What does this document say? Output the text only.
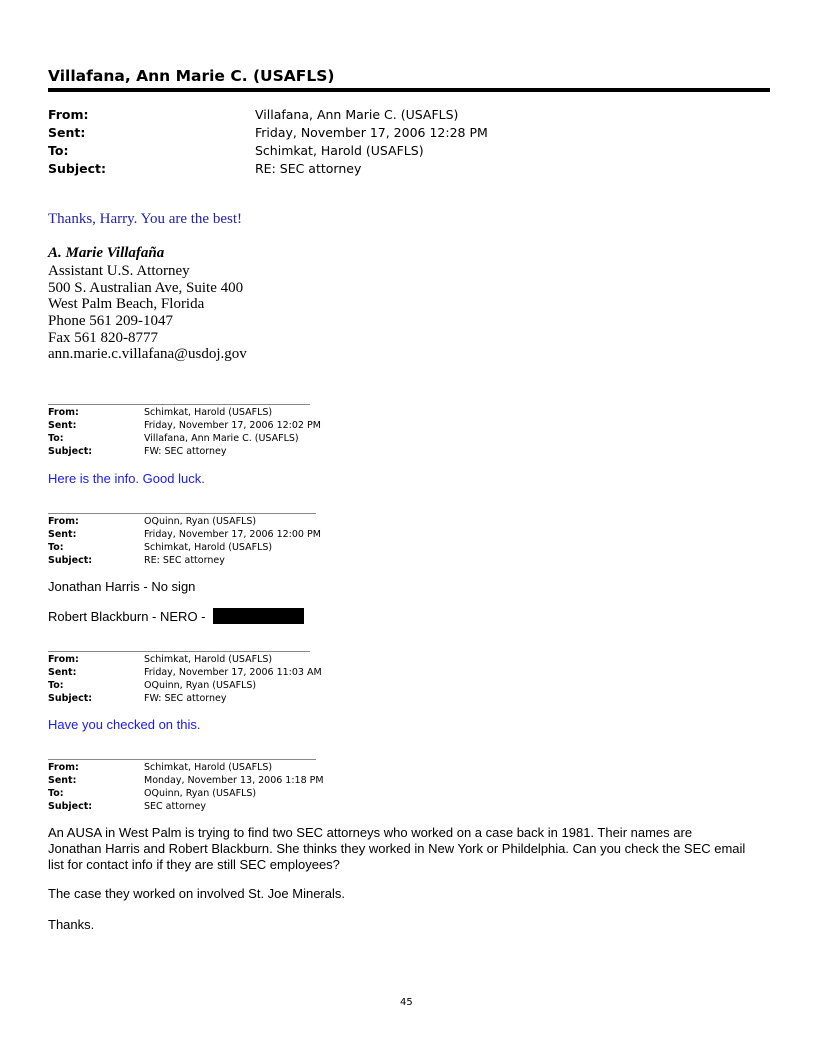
Villafana, Ann Marie C. (USAFLS)
From:	Villafana, Ann Marie C. (USAFLS)
Sent:	Friday, November 17, 2006 12:28 PM
To:	Schimkat, Harold (USAFLS)
Subject:	RE: SEC attorney
Thanks, Harry. You are the best!
A. Marie Villafaña
Assistant U.S. Attorney
500 S. Australian Ave, Suite 400
West Palm Beach, Florida
Phone 561 209-1047
Fax 561 820-8777
ann.marie.c.villafana@usdoj.gov
From:	Schimkat, Harold (USAFLS)
Sent:	Friday, November 17, 2006 12:02 PM
To:	Villafana, Ann Marie C. (USAFLS)
Subject:	FW: SEC attorney
Here is the info. Good luck.
From:	OQuinn, Ryan (USAFLS)
Sent:	Friday, November 17, 2006 12:00 PM
To:	Schimkat, Harold (USAFLS)
Subject:	RE: SEC attorney
Jonathan Harris - No sign
Robert Blackburn - NERO -
From:	Schimkat, Harold (USAFLS)
Sent:	Friday, November 17, 2006 11:03 AM
To:	OQuinn, Ryan (USAFLS)
Subject:	FW: SEC attorney
Have you checked on this.
From:	Schimkat, Harold (USAFLS)
Sent:	Monday, November 13, 2006 1:18 PM
To:	OQuinn, Ryan (USAFLS)
Subject:	SEC attorney
An AUSA in West Palm is trying to find two SEC attorneys who worked on a case back in 1981. Their names are Jonathan Harris and Robert Blackburn. She thinks they worked in New York or Phildelphia. Can you check the SEC email list for contact info if they are still SEC employees?
The case they worked on involved St. Joe Minerals.
Thanks.
45
